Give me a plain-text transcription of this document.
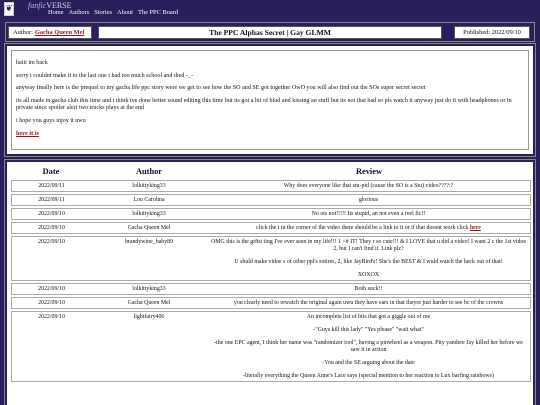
❦ fanficVERSE
Home Authors Stories About The PPC Board
Author: Gacha Queen Mel	The PPC Alphas Secret | Gay GLMM	Published: 2022/09/10

haiii im back

sorry i couldnt make it to the last one i had too much school and died -_-

anyway finally here is the prequel to my gacha life ppc story were we get to see how the SO and SE got together OwO you will also find out the SOs super secret secret

its all made in gacha club this time and i think ive done better sound editing this time but its got a bit of blud and kissing an stuff but its not that bad so pls watch it anyway just do it with headphones or in private since spoiler alert two trucks plays at the end

i hope you guys injoy it uwu

here it is

Date	Author	Review
2022/09/11	lolkittyking33	Why does everyone like that stu-pid (cause the SO is a Stu) video????:?

2022/09/11	Lou Carolina	glorious

2022/09/10	lolkittyking33	No ots not!!!!! Its stupid, an not even a reel fic!!

2022/09/10	Gacha Queen Mel	click the i in the corner of the video there should be a link to it or if that doesnt work click here

2022/09/10	brandywine_baby89	OMG this is the gr8st ting I've ever seen in my life!!! 1 <# IT! They r so cute!!! & I LOVE that u did a video! I want 2 c the 1st vidoe 2, but I can't find it. Link plz?

U shuld make vidoe s of other ppl's sotires, 2, like JayBird's! She's the BEST & I wuld watch the heck out of that!

XOXOX

2022/09/10	lolkittyking33	Both suck!!

2022/09/10	Gacha Queen Mel	you clearly need to rewatch the original again uwu they have ears in that theyre just harder to see bc of the crowns

2022/09/10	lightfairy406	An incomplete list of bits that got a giggle out of me

-"Guys kill this lady" "Yes please" "wait what"

-the one EPC agent, I think her name was "randomizer tool", having a pinwheel as a weapon. Pity yandere Jay killed her before we saw it in action

-You and the SE arguing about the date

-literally everything the Queen Anne's Lace says (special mention to her reaction to Lux barfing rainbows)
